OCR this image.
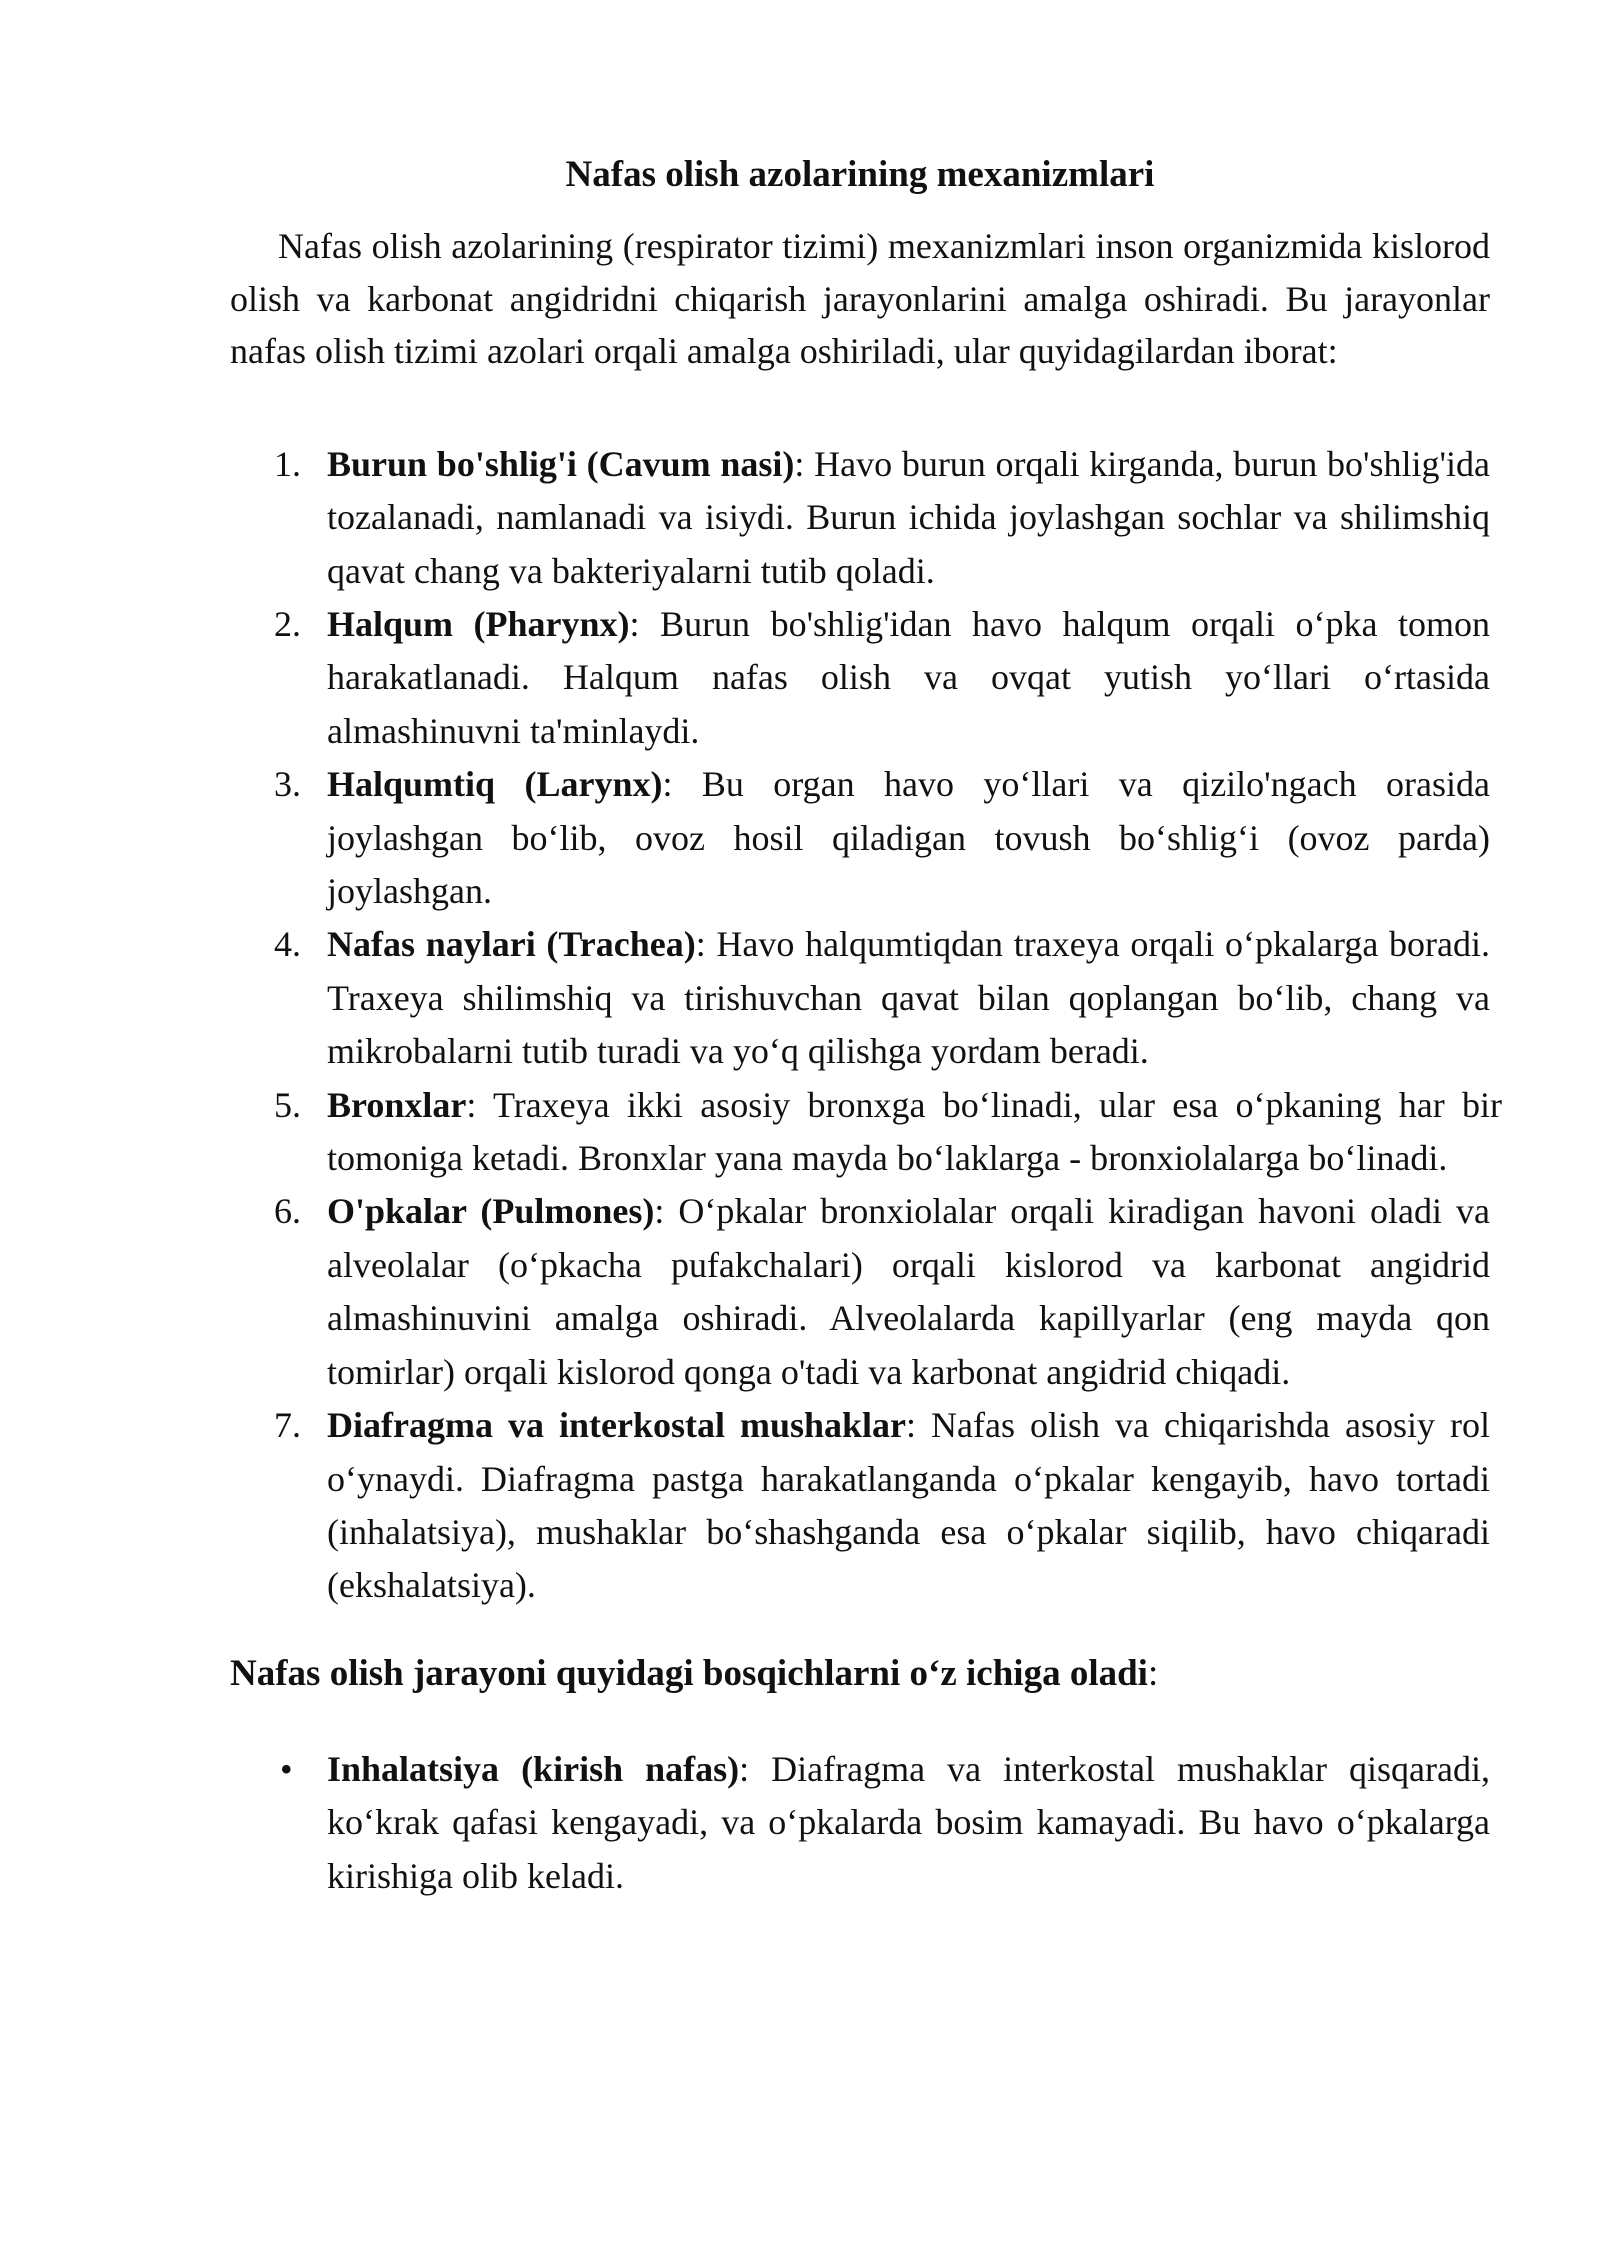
Nafas olish azolarining mexanizmlari

Nafas olish azolarining (respirator tizimi) mexanizmlari inson organizmida kislorod olish va karbonat angidridni chiqarish jarayonlarini amalga oshiradi. Bu jarayonlar nafas olish tizimi azolari orqali amalga oshiriladi, ular quyidagilardan iborat:

1. Burun bo'shlig'i (Cavum nasi): Havo burun orqali kirganda, burun bo'shlig'ida tozalanadi, namlanadi va isiydi. Burun ichida joylashgan sochlar va shilimshiq qavat chang va bakteriyalarni tutib qoladi.
2. Halqum (Pharynx): Burun bo'shlig'idan havo halqum orqali o‘pka tomon harakatlanadi. Halqum nafas olish va ovqat yutish yo‘llari o‘rtasida almashinuvni ta'minlaydi.
3. Halqumtiq (Larynx): Bu organ havo yo‘llari va qizilo'ngach orasida joylashgan bo‘lib, ovoz hosil qiladigan tovush bo‘shlig‘i (ovoz parda) joylashgan.
4. Nafas naylari (Trachea): Havo halqumtiqdan traxeya orqali o‘pkalarga boradi. Traxeya shilimshiq va tirishuvchan qavat bilan qoplangan bo‘lib, chang va mikrobalarni tutib turadi va yo‘q qilishga yordam beradi.
5. Bronxlar: Traxeya ikki asosiy bronxga bo‘linadi, ular esa o‘pkaning har bir tomoniga ketadi. Bronxlar yana mayda bo‘laklarga - bronxiolalarga bo‘linadi.
6. O'pkalar (Pulmones): O‘pkalar bronxiolalar orqali kiradigan havoni oladi va alveolalar (o‘pkacha pufakchalari) orqali kislorod va karbonat angidrid almashinuvini amalga oshiradi. Alveolalarda kapillyarlar (eng mayda qon tomirlar) orqali kislorod qonga o'tadi va karbonat angidrid chiqadi.
7. Diafragma va interkostal mushaklar: Nafas olish va chiqarishda asosiy rol o‘ynaydi. Diafragma pastga harakatlanganda o‘pkalar kengayib, havo tortadi (inhalatsiya), mushaklar bo‘shashganda esa o‘pkalar siqilib, havo chiqaradi (ekshalatsiya).

Nafas olish jarayoni quyidagi bosqichlarni o‘z ichiga oladi:

• Inhalatsiya (kirish nafas): Diafragma va interkostal mushaklar qisqaradi, ko‘krak qafasi kengayadi, va o‘pkalarda bosim kamayadi. Bu havo o‘pkalarga kirishiga olib keladi.
